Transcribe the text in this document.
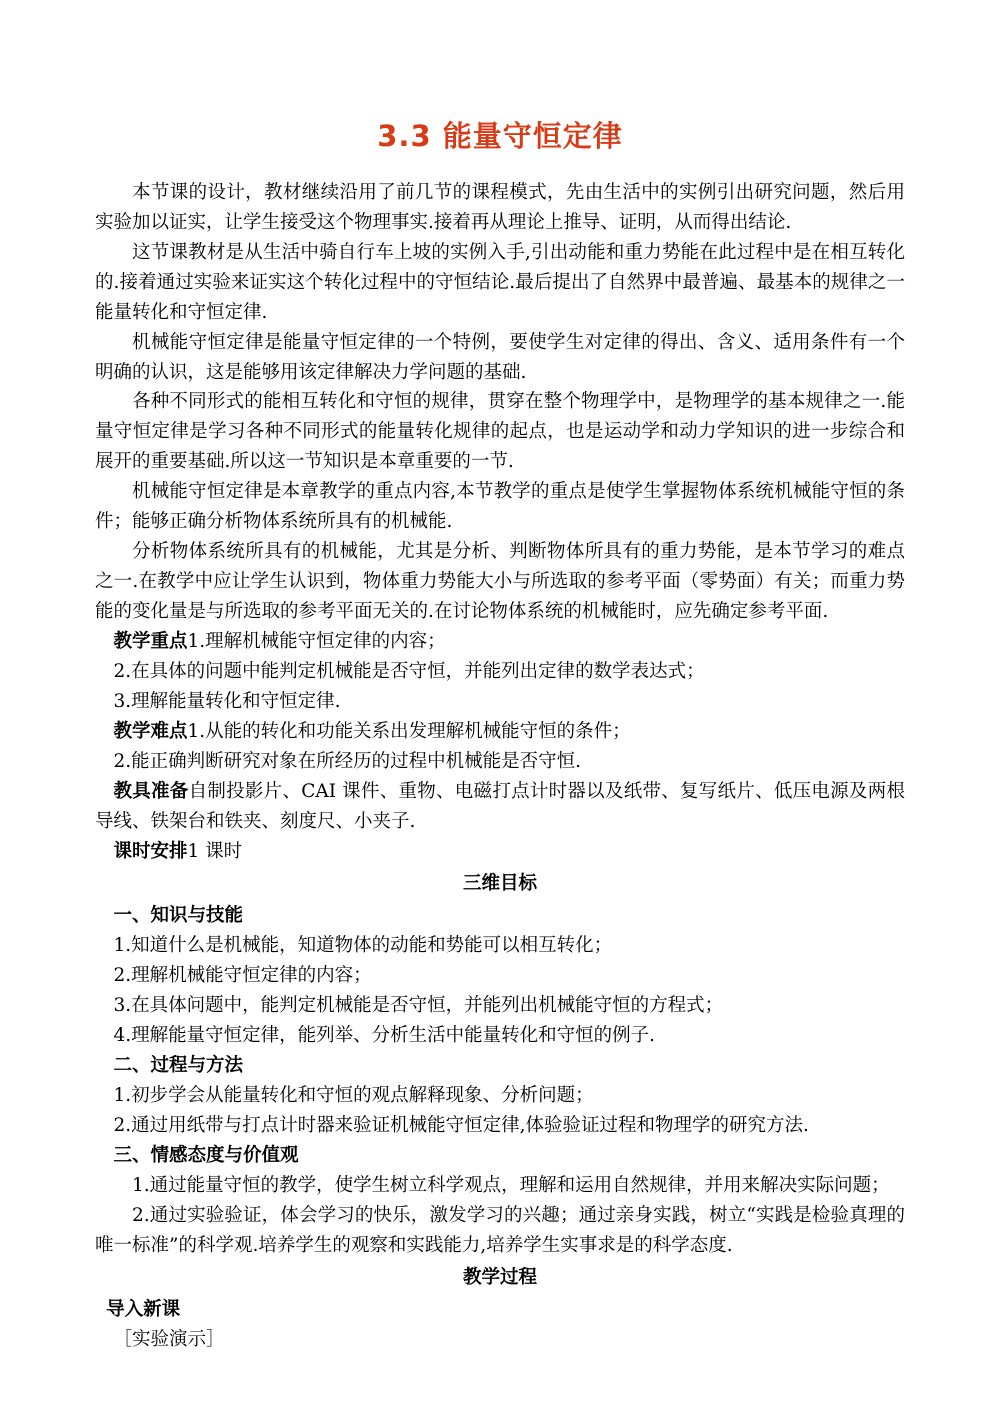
3.3 能量守恒定律

本节课的设计，教材继续沿用了前几节的课程模式，先由生活中的实例引出研究问题，然后用实验加以证实，让学生接受这个物理事实.接着再从理论上推导、证明，从而得出结论.

这节课教材是从生活中骑自行车上坡的实例入手,引出动能和重力势能在此过程中是在相互转化的.接着通过实验来证实这个转化过程中的守恒结论.最后提出了自然界中最普遍、最基本的规律之一能量转化和守恒定律.

机械能守恒定律是能量守恒定律的一个特例，要使学生对定律的得出、含义、适用条件有一个明确的认识，这是能够用该定律解决力学问题的基础.

各种不同形式的能相互转化和守恒的规律，贯穿在整个物理学中，是物理学的基本规律之一.能量守恒定律是学习各种不同形式的能量转化规律的起点，也是运动学和动力学知识的进一步综合和展开的重要基础.所以这一节知识是本章重要的一节.

机械能守恒定律是本章教学的重点内容,本节教学的重点是使学生掌握物体系统机械能守恒的条件；能够正确分析物体系统所具有的机械能.

分析物体系统所具有的机械能，尤其是分析、判断物体所具有的重力势能，是本节学习的难点之一.在教学中应让学生认识到，物体重力势能大小与所选取的参考平面（零势面）有关；而重力势能的变化量是与所选取的参考平面无关的.在讨论物体系统的机械能时，应先确定参考平面.

教学重点1.理解机械能守恒定律的内容；

2.在具体的问题中能判定机械能是否守恒，并能列出定律的数学表达式；

3.理解能量转化和守恒定律.

教学难点1.从能的转化和功能关系出发理解机械能守恒的条件；

2.能正确判断研究对象在所经历的过程中机械能是否守恒.

教具准备自制投影片、CAI 课件、重物、电磁打点计时器以及纸带、复写纸片、低压电源及两根导线、铁架台和铁夹、刻度尺、小夹子.

课时安排1 课时

三维目标

一、知识与技能

1.知道什么是机械能，知道物体的动能和势能可以相互转化；

2.理解机械能守恒定律的内容；

3.在具体问题中，能判定机械能是否守恒，并能列出机械能守恒的方程式；

4.理解能量守恒定律，能列举、分析生活中能量转化和守恒的例子.

二、过程与方法

1.初步学会从能量转化和守恒的观点解释现象、分析问题；

2.通过用纸带与打点计时器来验证机械能守恒定律,体验验证过程和物理学的研究方法.

三、情感态度与价值观

1.通过能量守恒的教学，使学生树立科学观点，理解和运用自然规律，并用来解决实际问题；

2.通过实验验证，体会学习的快乐，激发学习的兴趣；通过亲身实践，树立“实践是检验真理的唯一标准”的科学观.培养学生的观察和实践能力,培养学生实事求是的科学态度.

教学过程

导入新课

［实验演示］
